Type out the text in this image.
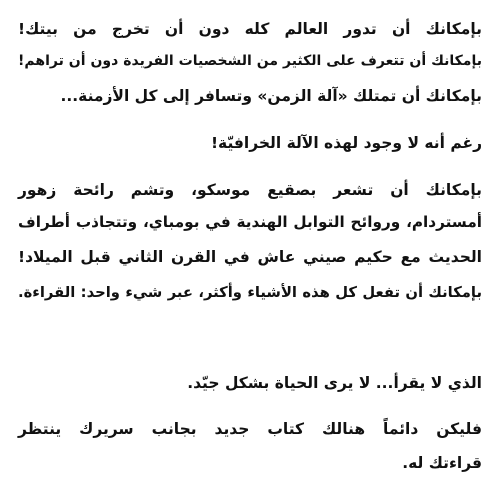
بإمكانك أن تدور العالم كله دون أن تخرج من بيتك!
بإمكانك أن تتعرف على الكثير من الشخصيات الفريدة دون أن تراهم!
بإمكانك أن تمتلك «آلة الزمن» وتسافر إلى كل الأزمنة...
رغم أنه لا وجود لهذه الآلة الخرافيّة!
بإمكانك أن تشعر بصقيع موسكو، وتشم رائحة زهور
أمستردام، وروائح التوابل الهندية في بومباي، وتتجاذب أطراف
الحديث مع حكيم صيني عاش في القرن الثاني قبل الميلاد!
بإمكانك أن تفعل كل هذه الأشياء وأكثر، عبر شيء واحد: القراءة.
الذي لا يقرأ... لا يرى الحياة بشكل جيّد.
فليكن دائماً هنالك كتاب جديد بجانب سريرك ينتظر
قراءتك له.
